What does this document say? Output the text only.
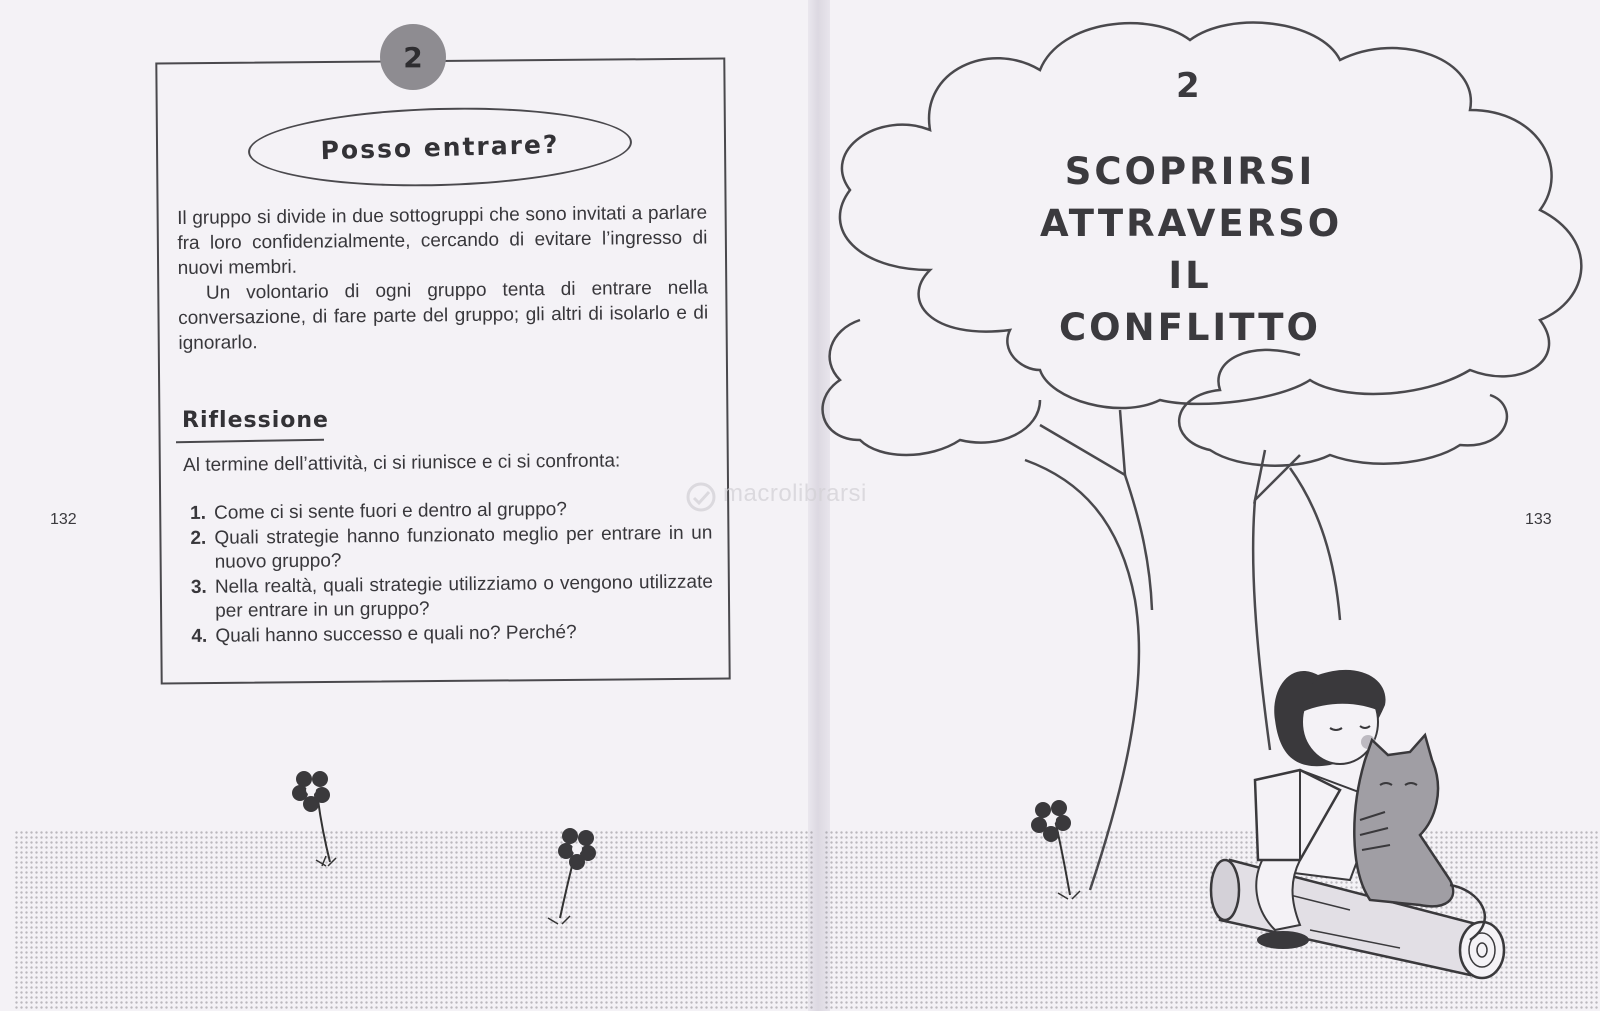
132
2
Posso entrare?

Il gruppo si divide in due sottogruppi che sono invitati a parlare fra loro confidenzialmente, cercando di evitare l’ingresso di nuovi membri.

Un volontario di ogni gruppo tenta di entrare nella conversazione, di fare parte del gruppo; gli altri di isolarlo e di ignorarlo.

Riflessione
Al termine dell’attività, ci si riunisce e ci si confronta:
1. Come ci si sente fuori e dentro al gruppo?
2. Quali strategie hanno funzionato meglio per entrare in un nuovo gruppo?
3. Nella realtà, quali strategie utilizziamo o vengono utilizzate per entrare in un gruppo?
4. Quali hanno successo e quali no? Perché?
2
SCOPRIRSI
ATTRAVERSO
IL CONFLITTO
133
macrolibrarsi
